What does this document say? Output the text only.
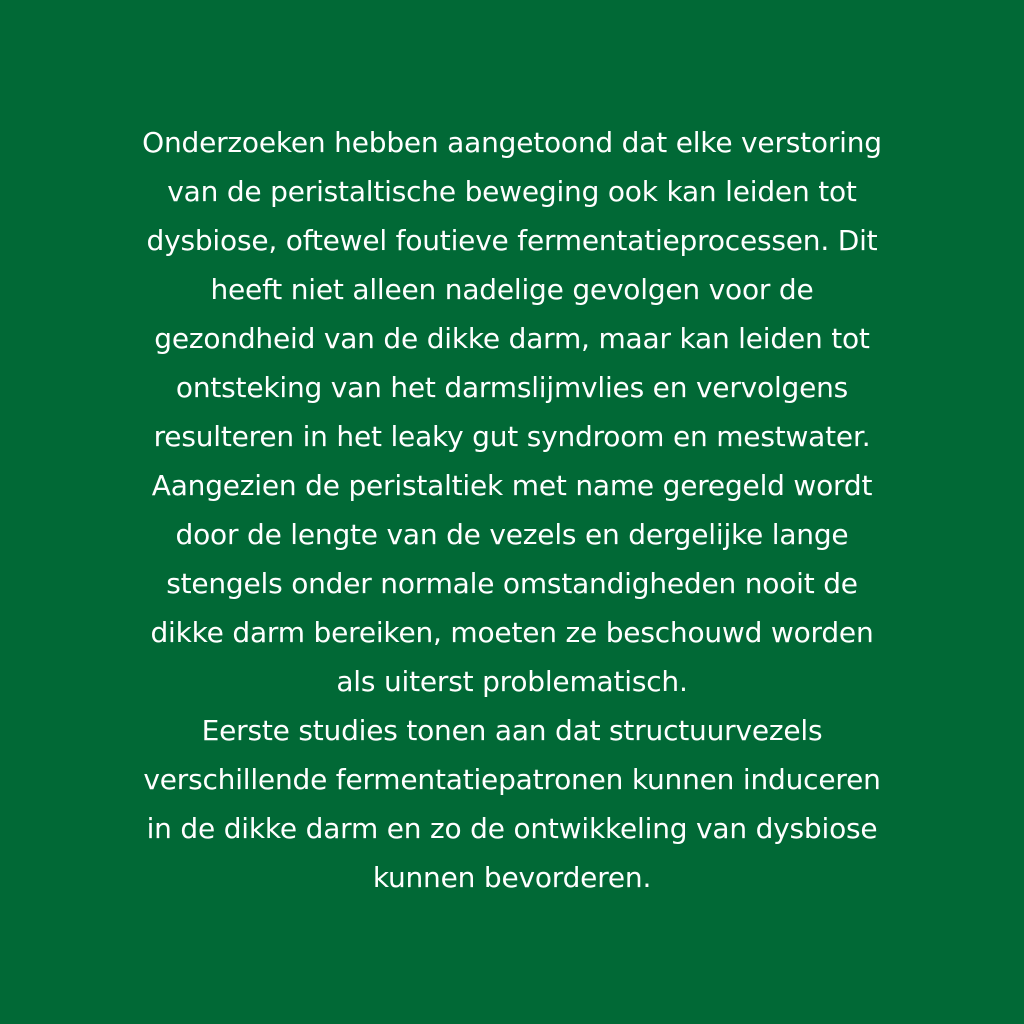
Onderzoeken hebben aangetoond dat elke verstoring
van de peristaltische beweging ook kan leiden tot
dysbiose, oftewel foutieve fermentatieprocessen. Dit
heeft niet alleen nadelige gevolgen voor de
gezondheid van de dikke darm, maar kan leiden tot
ontsteking van het darmslijmvlies en vervolgens
resulteren in het leaky gut syndroom en mestwater.
Aangezien de peristaltiek met name geregeld wordt
door de lengte van de vezels en dergelijke lange
stengels onder normale omstandigheden nooit de
dikke darm bereiken, moeten ze beschouwd worden
als uiterst problematisch.
Eerste studies tonen aan dat structuurvezels
verschillende fermentatiepatronen kunnen induceren
in de dikke darm en zo de ontwikkeling van dysbiose
kunnen bevorderen.
